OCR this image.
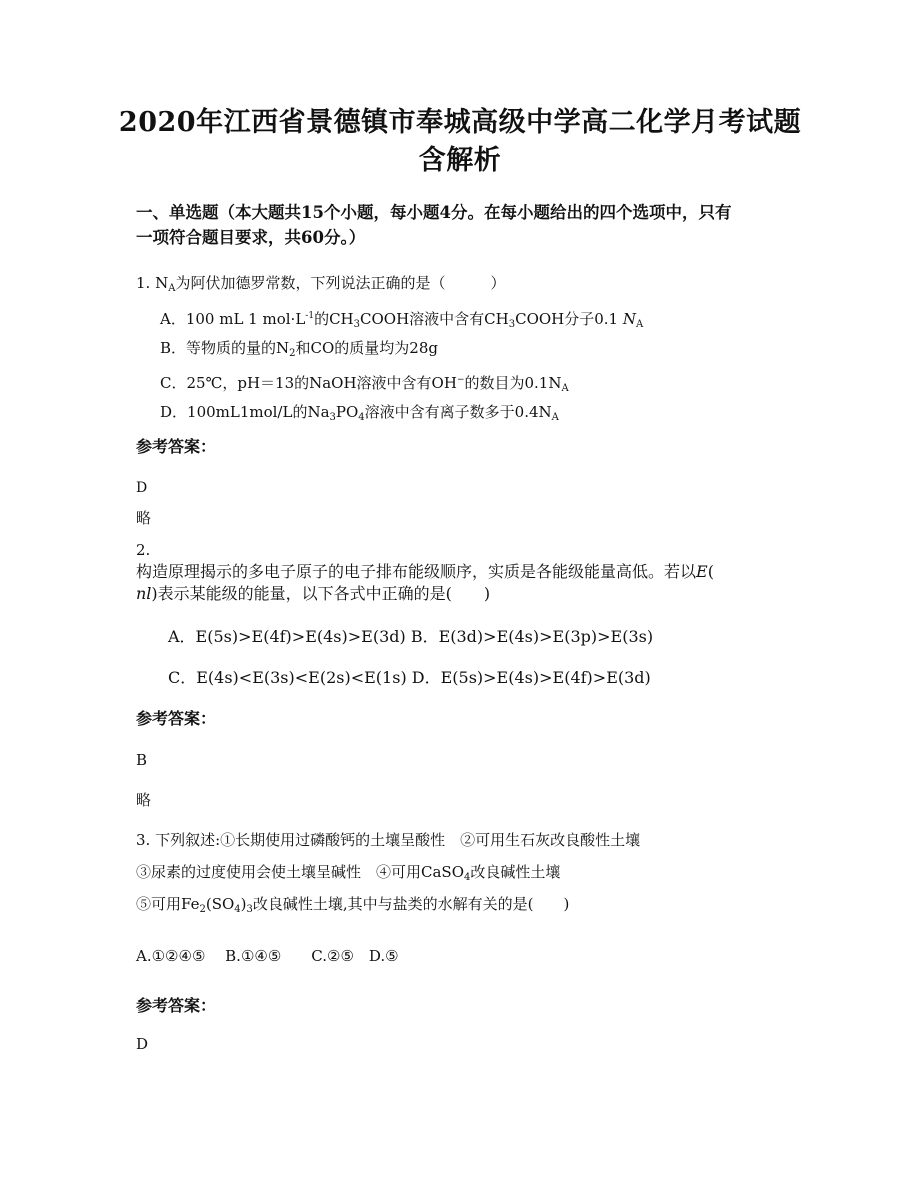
2020年江西省景德镇市奉城高级中学高二化学月考试题
含解析
一、单选题（本大题共15个小题，每小题4分。在每小题给出的四个选项中，只有
一项符合题目要求，共60分。）
1. $N_A$为阿伏加德罗常数，下列说法正确的是（　　　）
A．100 mL 1 $mol\cdot L^{-1}$的$CH_3COOH$溶液中含有$CH_3COOH$分子0.1 $N_A$
B．等物质的量的$N_2$和CO的质量均为28g
C．25℃，pH＝13的NaOH溶液中含有OH−的数目为$0.1N_A$
D．100mL1mol/L的$Na_3PO_4$溶液中含有离子数多于$0.4N_A$
参考答案：
D
略
2.
构造原理揭示的多电子原子的电子排布能级顺序，实质是各能级能量高低。若以E(
nl)表示某能级的能量，以下各式中正确的是(　　)
A．E(5s)>E(4f)>E(4s)>E(3d) B．E(3d)>E(4s)>E(3p)>E(3s)
C．E(4s)<E(3s)<E(2s)<E(1s) D．E(5s)>E(4s)>E(4f)>E(3d)
参考答案：
B
略
3. 下列叙述:①长期使用过磷酸钙的土壤呈酸性　②可用生石灰改良酸性土壤
③尿素的过度使用会使土壤呈碱性　④可用CaSO$_4$改良碱性土壤
⑤可用$Fe_2(SO_4)_3$改良碱性土壤,其中与盐类的水解有关的是(　　)
A.①②④⑤　 B.①④⑤　　C.②⑤　D.⑤
参考答案：
D
